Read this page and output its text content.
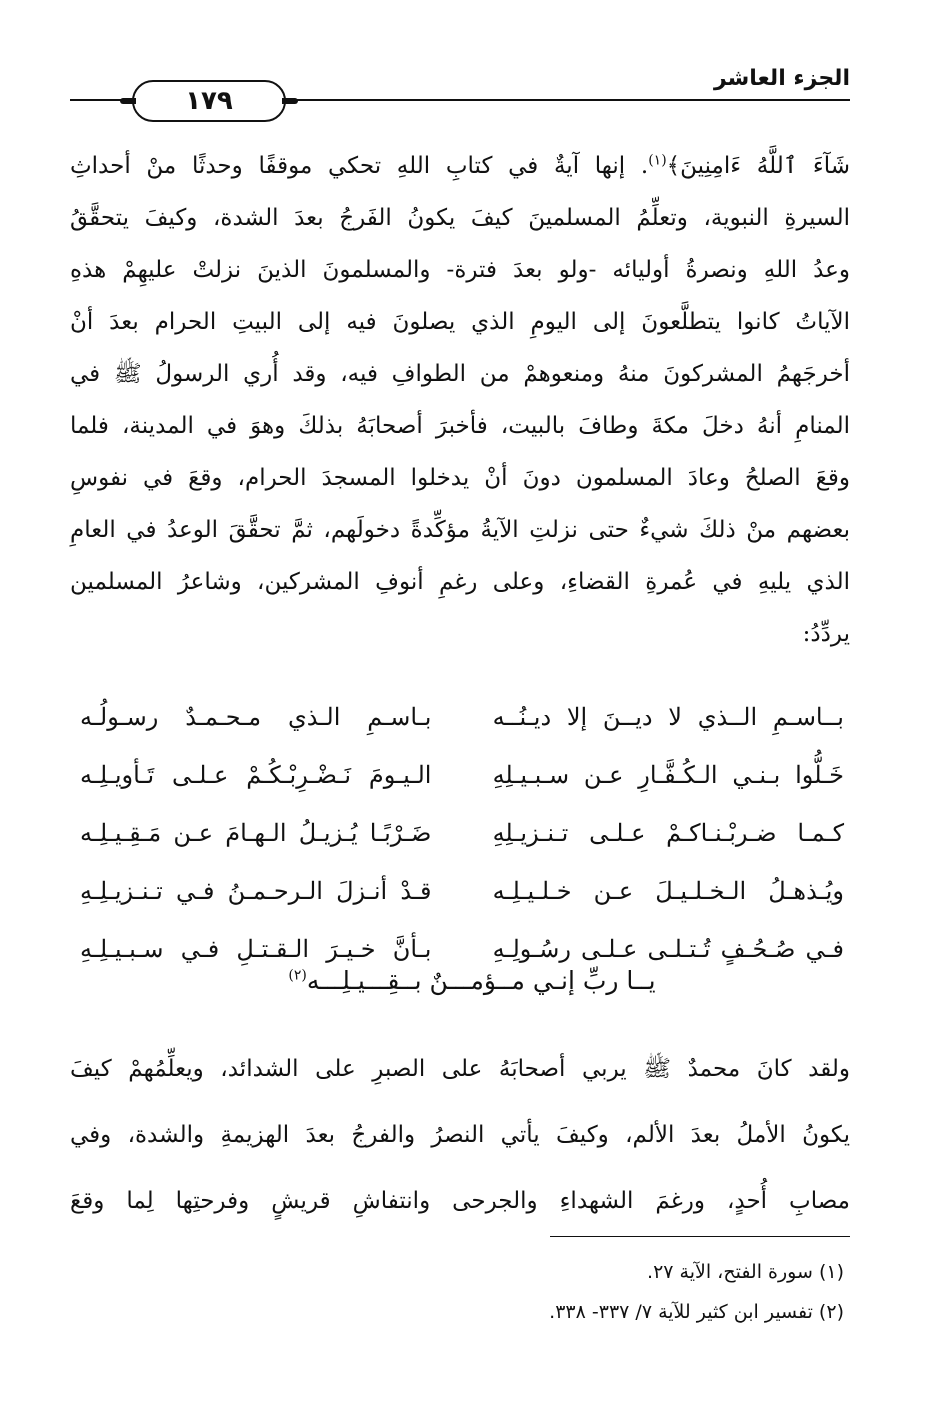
الجزء العاشر
١٧٩
شَآءَ ٱللَّهُ ءَامِنِينَ﴾$^{(١)}$. إنها آيةٌ في كتابِ اللهِ تحكي موقفًا وحدثًا منْ أحداثِ
السيرةِ النبوية، وتعلِّمُ المسلمينَ كيفَ يكونُ الفَرجُ بعدَ الشدة، وكيفَ يتحقَّقُ
وعدُ اللهِ ونصرةُ أوليائه -ولو بعدَ فترة- والمسلمونَ الذينَ نزلتْ عليهِمْ هذهِ
الآياتُ كانوا يتطلَّعونَ إلى اليومِ الذي يصلونَ فيه إلى البيتِ الحرام بعدَ أنْ
أخرجَهمُ المشركونَ منهُ ومنعوهمْ من الطوافِ فيه، وقد أُري الرسولُ ﷺ في
المنامِ أنهُ دخلَ مكةَ وطافَ بالبيت، فأخبرَ أصحابَهُ بذلكَ وهوَ في المدينة، فلما
وقعَ الصلحُ وعادَ المسلمون دونَ أنْ يدخلوا المسجدَ الحرام، وقعَ في نفوسِ
بعضهم منْ ذلكَ شيءٌ حتى نزلتِ الآيةُ مؤكِّدةً دخولَهم، ثمَّ تحقَّقَ الوعدُ في العامِ
الذي يليهِ في عُمرةِ القضاءِ، وعلى رغمِ أنوفِ المشركين، وشاعرُ المسلمين
يردِّدُ:
بــاسـمِ الــذي لا ديــنَ إلا ديـنُــه
بـاسـمِ الـذي مـحـمـدٌ رسـولُـه
خَـلُّوا بـنـي الـكُـفَّـارِ عـن سـبـيـلِهِ
الـيـومَ نَـضْـرِبْـكُـمْ عـلـى تَـأويـلِـه
كـمـا ضـربْـنـاكـمْ عـلـى تـنـزيـلِهِ
ضَـرْبًـا يُـزيـلُ الـهـامَ عـن مَـقِـيـلِـه
ويُـذهـلُ الـخـلـيـلَ عـن خـلـيـلِـه
قـدْ أنـزلَ الـرحـمـنُ فـي تـنـزيـلِـهِ
فـي صُـحُـفٍ تُـتـلـى عـلـى رسُـولِـهِ
بـأنَّ خـيـرَ الـقـتـلِ فـي سـبـيـلِـهِ
يــا ربِّ إنـي مــؤمـــنٌ بــقِـــيـلِـــه$^{(٢)}$
ولقد كانَ محمدٌ ﷺ يربي أصحابَهُ على الصبرِ على الشدائد، ويعلِّمُهمْ كيفَ
يكونُ الأملُ بعدَ الألم، وكيفَ يأتي النصرُ والفرجُ بعدَ الهزيمةِ والشدة، وفي
مصابِ أُحدٍ، ورغمَ الشهداءِ والجرحى وانتفاشِ قريشٍ وفرحتِها لِما وقعَ
(١) سورة الفتح، الآية ٢٧.
(٢) تفسير ابن كثير للآية ٧/ ٣٣٧- ٣٣٨.
